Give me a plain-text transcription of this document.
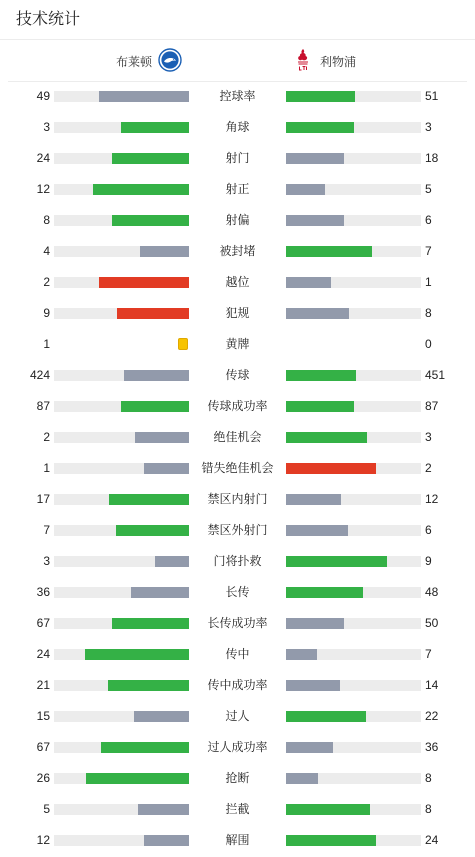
技术统计
布莱顿	利物浦
49	控球率	51
3	角球	3
24	射门	18
12	射正	5
8	射偏	6
4	被封堵	7
2	越位	1
9	犯规	8
1	黄牌	0
424	传球	451
87	传球成功率	87
2	绝佳机会	3
1	错失绝佳机会	2
17	禁区内射门	12
7	禁区外射门	6
3	门将扑救	9
36	长传	48
67	长传成功率	50
24	传中	7
21	传中成功率	14
15	过人	22
67	过人成功率	36
26	抢断	8
5	拦截	8
12	解围	24
